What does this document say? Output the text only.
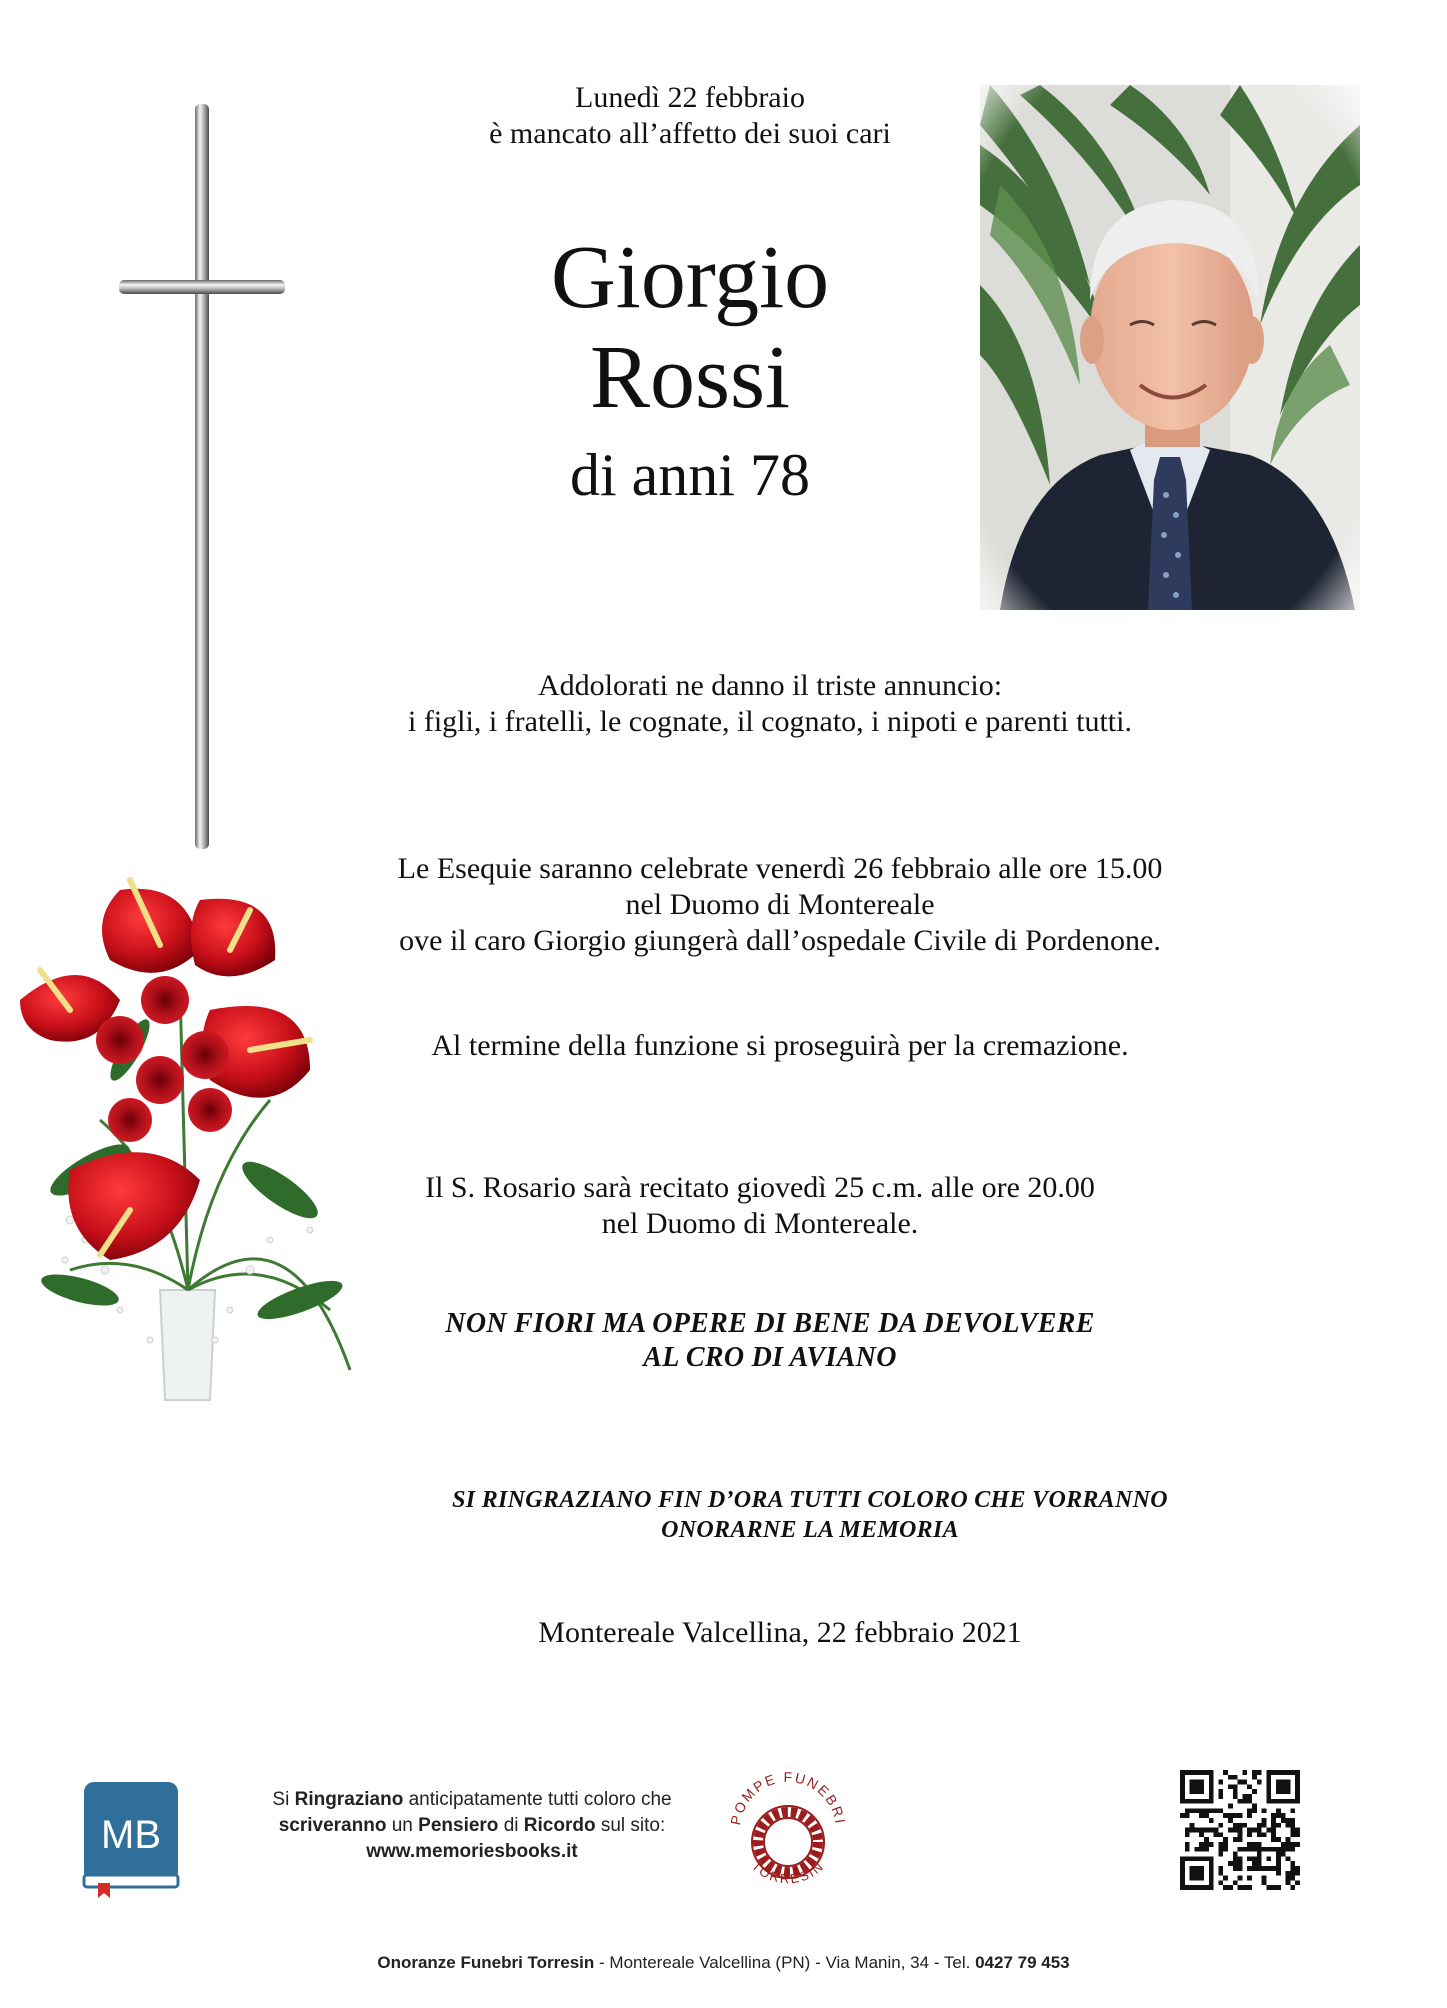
Lunedì 22 febbraio
è mancato all’affetto dei suoi cari
Giorgio
Rossi
di anni 78
Addolorati ne danno il triste annuncio:
i figli, i fratelli, le cognate, il cognato, i nipoti e parenti tutti.
Le Esequie saranno celebrate venerdì 26 febbraio alle ore 15.00
nel Duomo di Montereale
ove il caro Giorgio giungerà dall’ospedale Civile di Pordenone.
Al termine della funzione si proseguirà per la cremazione.
Il S. Rosario sarà recitato giovedì 25 c.m. alle ore 20.00
nel Duomo di Montereale.
NON FIORI MA OPERE DI BENE DA DEVOLVERE
AL CRO DI AVIANO
SI RINGRAZIANO FIN D’ORA TUTTI COLORO CHE VORRANNO
ONORARNE LA MEMORIA
Montereale Valcellina, 22 febbraio 2021
MB
Si Ringraziano anticipatamente tutti coloro che
scriveranno un Pensiero di Ricordo sul sito:
www.memoriesbooks.it
POMPE FUNEBRI
TORRESIN
Onoranze Funebri Torresin - Montereale Valcellina (PN) - Via Manin, 34 - Tel. 0427 79 453
